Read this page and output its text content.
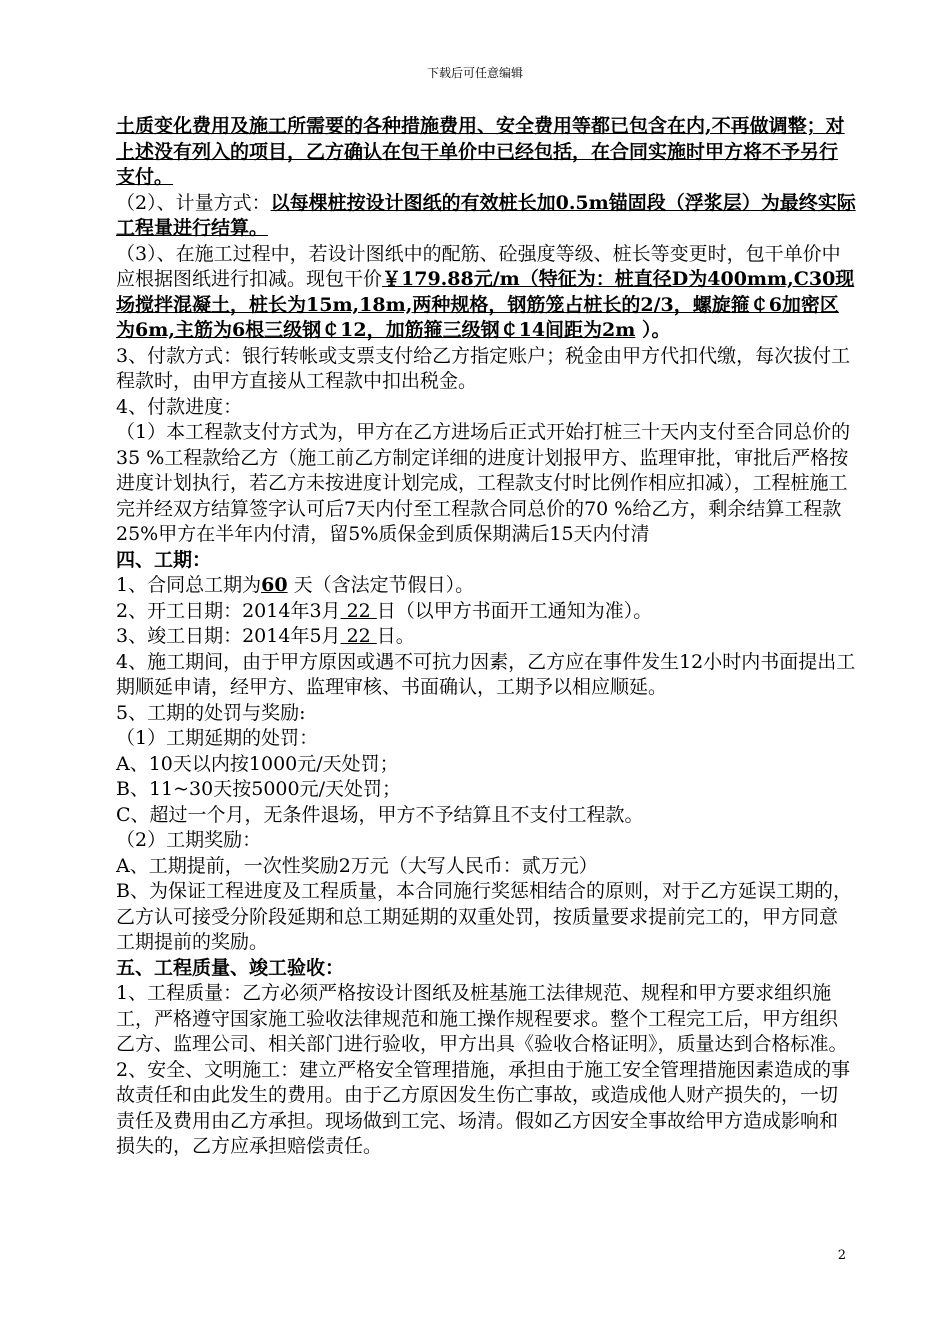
下载后可任意编辑

土质变化费用及施工所需要的各种措施费用、安全费用等都已包含在内,不再做调整；对上述没有列入的项目，乙方确认在包干单价中已经包括，在合同实施时甲方将不予另行支付。

（2）、计量方式：以每棵桩按设计图纸的有效桩长加0.5m锚固段（浮浆层）为最终实际工程量进行结算。

（3）、在施工过程中，若设计图纸中的配筋、砼强度等级、桩长等变更时，包干单价中应根据图纸进行扣减。现包干价￥179.88元/m（特征为：桩直径D为400mm,C30现场搅拌混凝土，桩长为15m,18m,两种规格，钢筋笼占桩长的2/3，螺旋箍￠6加密区为6m,主筋为6根三级钢￠12，加筋箍三级钢￠14间距为2m ）。

3、付款方式：银行转帐或支票支付给乙方指定账户；税金由甲方代扣代缴，每次拔付工程款时，由甲方直接从工程款中扣出税金。

4、付款进度：

（1）本工程款支付方式为，甲方在乙方进场后正式开始打桩三十天内支付至合同总价的35 %工程款给乙方（施工前乙方制定详细的进度计划报甲方、监理审批，审批后严格按进度计划执行，若乙方未按进度计划完成，工程款支付时比例作相应扣减），工程桩施工完并经双方结算签字认可后7天内付至工程款合同总价的70 %给乙方，剩余结算工程款25%甲方在半年内付清，留5%质保金到质保期满后15天内付清

四、工期：

1、合同总工期为60 天（含法定节假日）。

2、开工日期：2014年3月 22 日（以甲方书面开工通知为准）。

3、竣工日期：2014年5月 22 日。

4、施工期间，由于甲方原因或遇不可抗力因素，乙方应在事件发生12小时内书面提出工期顺延申请，经甲方、监理审核、书面确认，工期予以相应顺延。

5、工期的处罚与奖励:

（1）工期延期的处罚：

A、10天以内按1000元/天处罚；

B、11~30天按5000元/天处罚；

C、超过一个月，无条件退场，甲方不予结算且不支付工程款。

（2）工期奖励：

A、工期提前，一次性奖励2万元（大写人民币：贰万元）

B、为保证工程进度及工程质量，本合同施行奖惩相结合的原则，对于乙方延误工期的，乙方认可接受分阶段延期和总工期延期的双重处罚，按质量要求提前完工的，甲方同意工期提前的奖励。

五、工程质量、竣工验收：

1、工程质量：乙方必须严格按设计图纸及桩基施工法律规范、规程和甲方要求组织施工，严格遵守国家施工验收法律规范和施工操作规程要求。整个工程完工后，甲方组织乙方、监理公司、相关部门进行验收，甲方出具《验收合格证明》，质量达到合格标准。

2、安全、文明施工：建立严格安全管理措施，承担由于施工安全管理措施因素造成的事故责任和由此发生的费用。由于乙方原因发生伤亡事故，或造成他人财产损失的，一切责任及费用由乙方承担。现场做到工完、场清。假如乙方因安全事故给甲方造成影响和损失的，乙方应承担赔偿责任。

2
